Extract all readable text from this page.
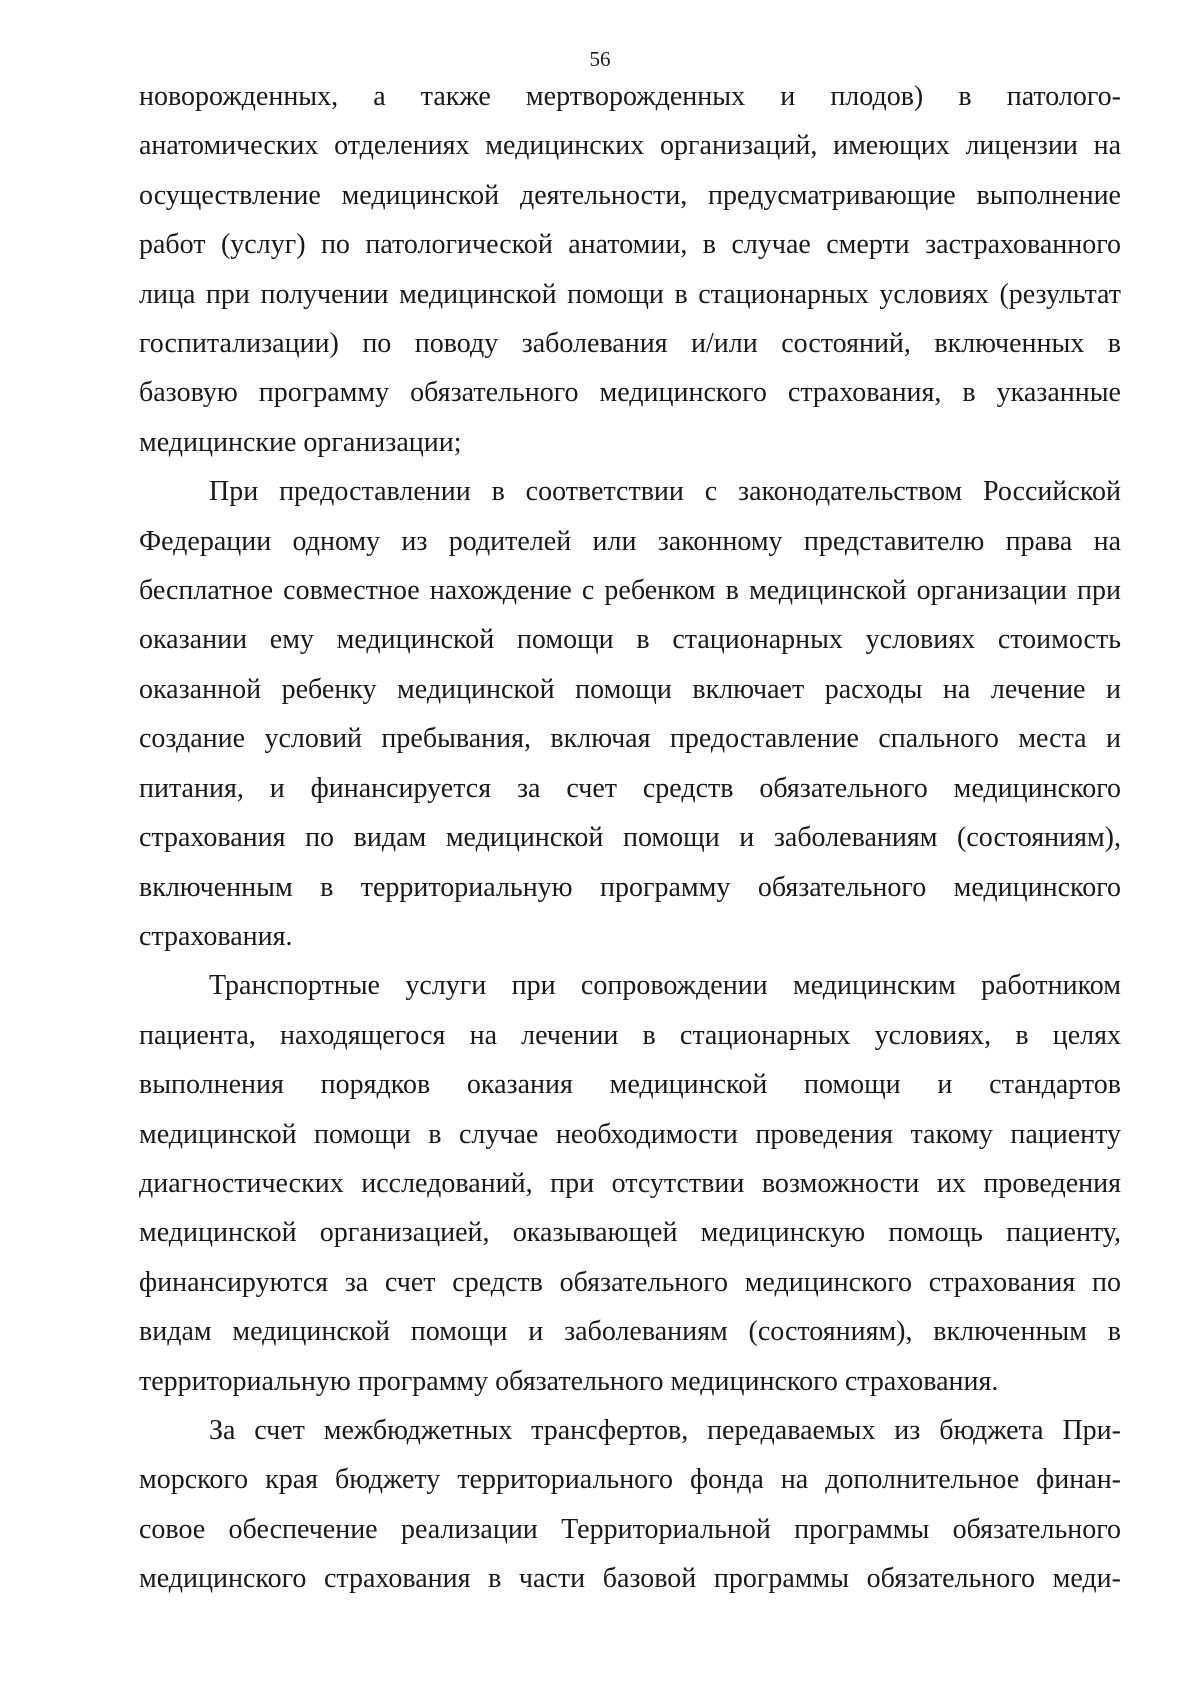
56
новорожденных, а также мертворожденных и плодов) в патолого-
анатомических отделениях медицинских организаций, имеющих лицензии на
осуществление медицинской деятельности, предусматривающие выполнение
работ (услуг) по патологической анатомии, в случае смерти застрахованного
лица при получении медицинской помощи в стационарных условиях (результат
госпитализации) по поводу заболевания и/или состояний, включенных в
базовую программу обязательного медицинского страхования, в указанные
медицинские организации;
При предоставлении в соответствии с законодательством Российской
Федерации одному из родителей или законному представителю права на
бесплатное совместное нахождение с ребенком в медицинской организации при
оказании ему медицинской помощи в стационарных условиях стоимость
оказанной ребенку медицинской помощи включает расходы на лечение и
создание условий пребывания, включая предоставление спального места и
питания, и финансируется за счет средств обязательного медицинского
страхования по видам медицинской помощи и заболеваниям (состояниям),
включенным в территориальную программу обязательного медицинского
страхования.
Транспортные услуги при сопровождении медицинским работником
пациента, находящегося на лечении в стационарных условиях, в целях
выполнения порядков оказания медицинской помощи и стандартов
медицинской помощи в случае необходимости проведения такому пациенту
диагностических исследований, при отсутствии возможности их проведения
медицинской организацией, оказывающей медицинскую помощь пациенту,
финансируются за счет средств обязательного медицинского страхования по
видам медицинской помощи и заболеваниям (состояниям), включенным в
территориальную программу обязательного медицинского страхования.
За счет межбюджетных трансфертов, передаваемых из бюджета При-
морского края бюджету территориального фонда на дополнительное финан-
совое обеспечение реализации Территориальной программы обязательного
медицинского страхования в части базовой программы обязательного меди-
